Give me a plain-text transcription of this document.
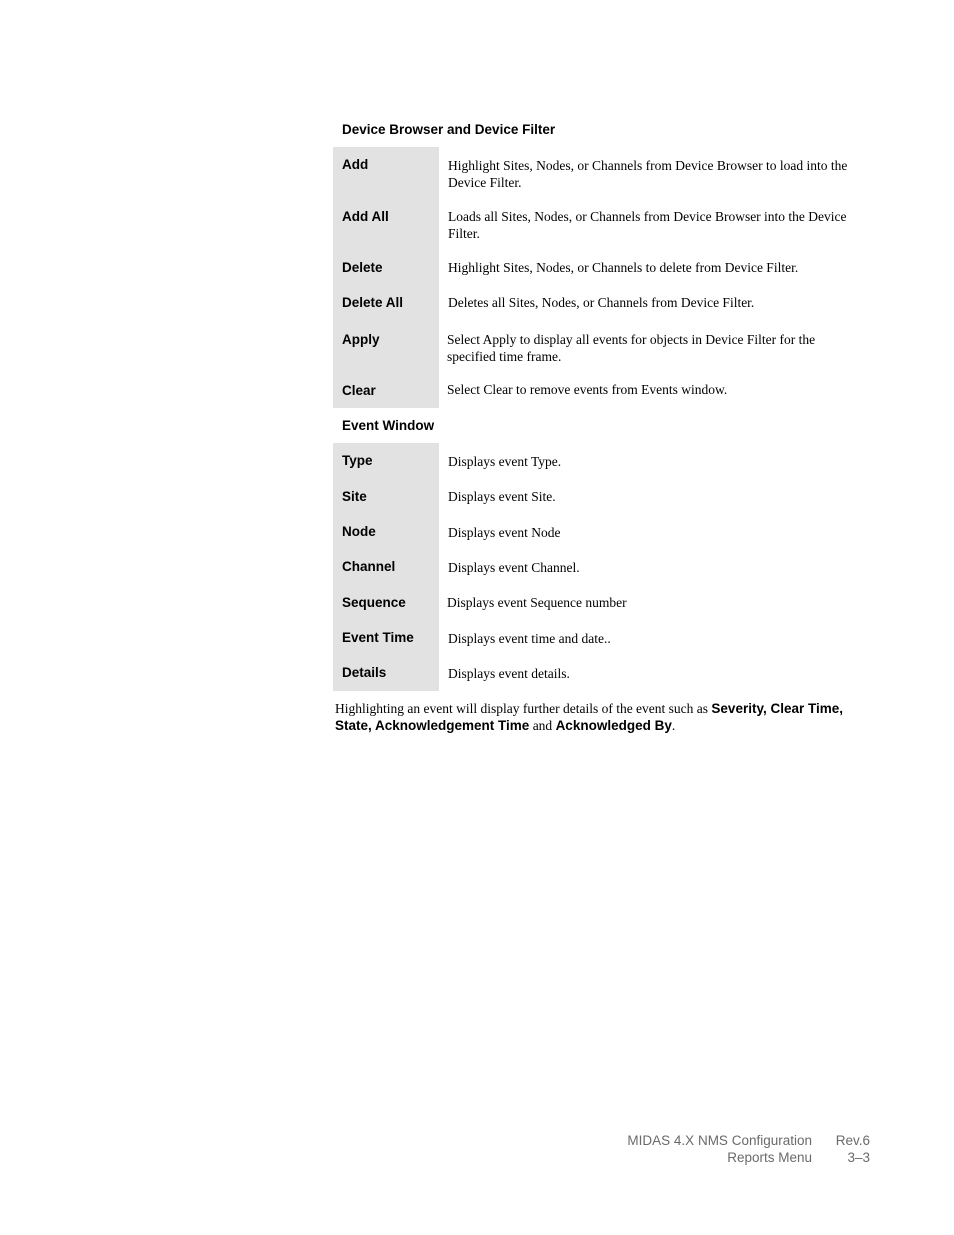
Device Browser and Device Filter
Add	Highlight Sites, Nodes, or Channels from Device Browser to load into the Device Filter.
Add All	Loads all Sites, Nodes, or Channels from Device Browser into the Device Filter.
Delete	Highlight Sites, Nodes, or Channels to delete from Device Filter.
Delete All	Deletes all Sites, Nodes, or Channels from Device Filter.
Apply	Select Apply to display all events for objects in Device Filter for the specified time frame.
Clear	Select Clear to remove events from Events window.
Event Window
Type	Displays event Type.
Site	Displays event Site.
Node	Displays event Node
Channel	Displays event Channel.
Sequence	Displays event Sequence number
Event Time	Displays event time and date..
Details	Displays event details.
Highlighting an event will display further details of the event such as Severity, Clear Time, State, Acknowledgement Time and Acknowledged By.
MIDAS 4.X NMS Configuration Rev.6
Reports Menu	3–3
